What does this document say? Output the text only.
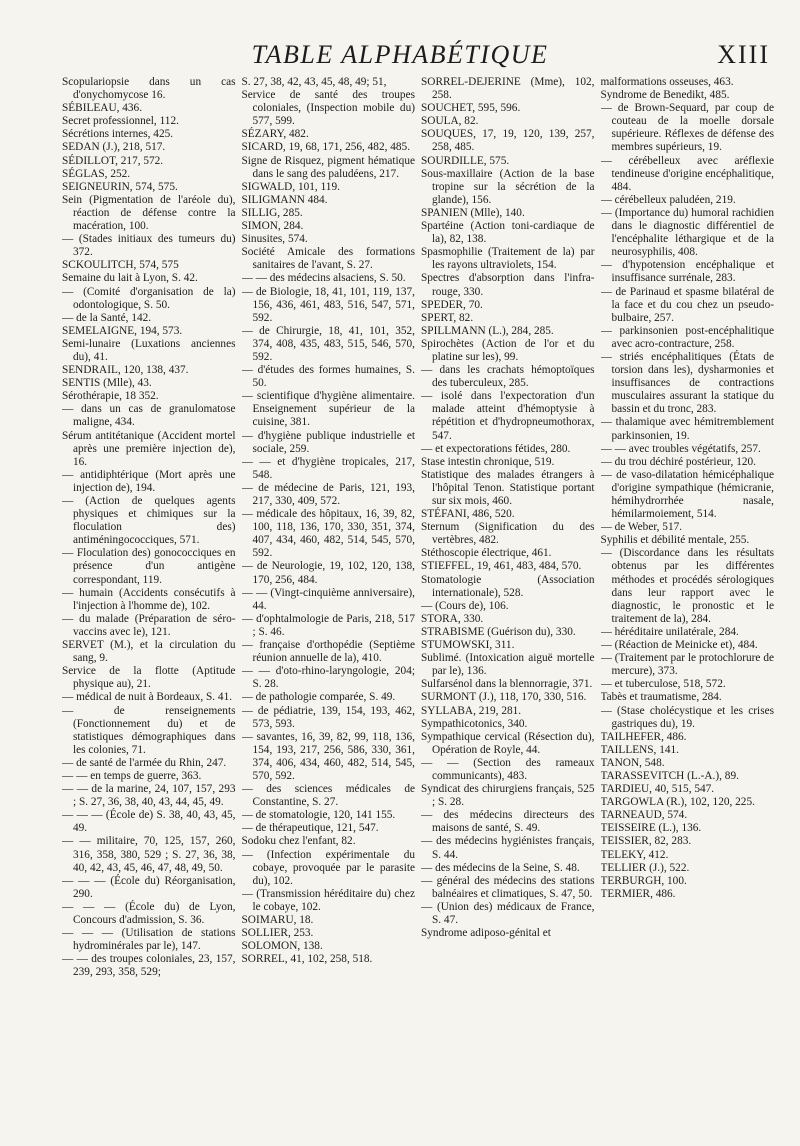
TABLE ALPHABÉTIQUE	XIII

Scopulariopsie dans un cas d'onychomycose 16.

SÉBILEAU, 436.

Secret professionnel, 112.

Sécrétions internes, 425.

SEDAN (J.), 218, 517.

SÉDILLOT, 217, 572.

SÉGLAS, 252.

SEIGNEURIN, 574, 575.

Sein (Pigmentation de l'aréole du), réaction de défense contre la macération, 100.

— (Stades initiaux des tumeurs du) 372.

SCKOULITCH, 574, 575

Semaine du lait à Lyon, S. 42.

— (Comité d'organisation de la) odontologique, S. 50.

— de la Santé, 142.

SEMELAIGNE, 194, 573.

Semi-lunaire (Luxations anciennes du), 41.

SENDRAIL, 120, 138, 437.

SENTIS (Mlle), 43.

Sérothérapie, 18 352.

— dans un cas de granulomatose maligne, 434.

Sérum antitétanique (Accident mortel après une première injection de), 16.

— antidiphtérique (Mort après une injection de), 194.

— (Action de quelques agents physiques et chimiques sur la floculation des) antiméningococciques, 571.

— Floculation des) gonococciques en présence d'un antigène correspondant, 119.

— humain (Accidents consécutifs à l'injection à l'homme de), 102.

— du malade (Préparation de séro-vaccins avec le), 121.

SERVET (M.), et la circulation du sang, 9.

Service de la flotte (Aptitude physique au), 21.

— médical de nuit à Bordeaux, S. 41.

— de renseignements (Fonctionnement du) et de statistiques démographiques dans les colonies, 71.

— de santé de l'armée du Rhin, 247.

— — en temps de guerre, 363.

— — de la marine, 24, 107, 157, 293 ; S. 27, 36, 38, 40, 43, 44, 45, 49.

— — — (École de) S. 38, 40, 43, 45, 49.

— — militaire, 70, 125, 157, 260, 316, 358, 380, 529 ; S. 27, 36, 38, 40, 42, 43, 45, 46, 47, 48, 49, 50.

— — — (École du) Réorganisation, 290.

— — — (École du) de Lyon, Concours d'admission, S. 36.

— — — (Utilisation de stations hydrominérales par le), 147.

— — des troupes coloniales, 23, 157, 239, 293, 358, 529;

S. 27, 38, 42, 43, 45, 48, 49; 51,

Service de santé des troupes coloniales, (Inspection mobile du) 577, 599.

SÉZARY, 482.

SICARD, 19, 68, 171, 256, 482, 485.

Signe de Risquez, pigment hématique dans le sang des paludéens, 217.

SIGWALD, 101, 119.

SILIGMANN 484.

SILLIG, 285.

SIMON, 284.

Sinusites, 574.

Société Amicale des formations sanitaires de l'avant, S. 27.

— — des médecins alsaciens, S. 50.

— de Biologie, 18, 41, 101, 119, 137, 156, 436, 461, 483, 516, 547, 571, 592.

— de Chirurgie, 18, 41, 101, 352, 374, 408, 435, 483, 515, 546, 570, 592.

— d'études des formes humaines, S. 50.

— scientifique d'hygiène alimentaire. Enseignement supérieur de la cuisine, 381.

— d'hygiène publique industrielle et sociale, 259.

— — et d'hygiène tropicales, 217, 548.

— de médecine de Paris, 121, 193, 217, 330, 409, 572.

— médicale des hôpitaux, 16, 39, 82, 100, 118, 136, 170, 330, 351, 374, 407, 434, 460, 482, 514, 545, 570, 592.

— de Neurologie, 19, 102, 120, 138, 170, 256, 484.

— — (Vingt-cinquième anniversaire), 44.

— d'ophtalmologie de Paris, 218, 517 ; S. 46.

— française d'orthopédie (Septième réunion annuelle de la), 410.

— — d'oto-rhino-laryngologie, 204; S. 28.

— de pathologie comparée, S. 49.

— de pédiatrie, 139, 154, 193, 462, 573, 593.

— savantes, 16, 39, 82, 99, 118, 136, 154, 193, 217, 256, 586, 330, 361, 374, 406, 434, 460, 482, 514, 545, 570, 592.

— des sciences médicales de Constantine, S. 27.

— de stomatologie, 120, 141 155.

— de thérapeutique, 121, 547.

Sodoku chez l'enfant, 82.

— (Infection expérimentale du cobaye, provoquée par le parasite du), 102.

— (Transmission héréditaire du) chez le cobaye, 102.

SOIMARU, 18.

SOLLIER, 253.

SOLOMON, 138.

SORREL, 41, 102, 258, 518.

SORREL-DEJERINE (Mme), 102, 258.

SOUCHET, 595, 596.

SOULA, 82.

SOUQUES, 17, 19, 120, 139, 257, 258, 485.

SOURDILLE, 575.

Sous-maxillaire (Action de la base tropine sur la sécrétion de la glande), 156.

SPANIEN (Mlle), 140.

Spartéine (Action toni-cardiaque de la), 82, 138.

Spasmophilie (Traitement de la) par les rayons ultraviolets, 154.

Spectres d'absorption dans l'infra-rouge, 330.

SPEDER, 70.

SPERT, 82.

SPILLMANN (L.), 284, 285.

Spirochètes (Action de l'or et du platine sur les), 99.

— dans les crachats hémoptoïques des tuberculeux, 285.

— isolé dans l'expectoration d'un malade atteint d'hémoptysie à répétition et d'hydropneumothorax, 547.

— et expectorations fétides, 280.

Stase intestin chronique, 519.

Statistique des malades étrangers à l'hôpital Tenon. Statistique portant sur six mois, 460.

STÉFANI, 486, 520.

Sternum (Signification du des vertèbres, 482.

Stéthoscopie électrique, 461.

STIEFFEL, 19, 461, 483, 484, 570.

Stomatologie (Association internationale), 528.

— (Cours de), 106.

STORA, 330.

STRABISME (Guérison du), 330.

STUMOWSKI, 311.

Sublimé. (Intoxication aiguë mortelle par le), 136.

Sulfarsénol dans la blennorragie, 371.

SURMONT (J.), 118, 170, 330, 516.

SYLLABA, 219, 281.

Sympathicotonics, 340.

Sympathique cervical (Résection du), Opération de Royle, 44.

— — (Section des rameaux communicants), 483.

Syndicat des chirurgiens français, 525 ; S. 28.

— des médecins directeurs des maisons de santé, S. 49.

— des médecins hygiénistes français, S. 44.

— des médecins de la Seine, S. 48.

— général des médecins des stations balnéaires et climatiques, S. 47, 50.

— (Union des) médicaux de France, S. 47.

Syndrome adiposo-génital et

malformations osseuses, 463.

Syndrome de Benedikt, 485.

— de Brown-Sequard, par coup de couteau de la moelle dorsale supérieure. Réflexes de défense des membres supérieurs, 19.

— cérébelleux avec aréflexie tendineuse d'origine encéphalitique, 484.

— cérébelleux paludéen, 219.

— (Importance du) humoral rachidien dans le diagnostic différentiel de l'encéphalite léthargique et de la neurosyphilis, 408.

— d'hypotension encéphalique et insuffisance surrénale, 283.

— de Parinaud et spasme bilatéral de la face et du cou chez un pseudo-bulbaire, 257.

— parkinsonien post-encéphalitique avec acro-contracture, 258.

— striés encéphalitiques (États de torsion dans les), dysharmonies et insuffisances de contractions musculaires assurant la statique du bassin et du tronc, 283.

— thalamique avec hémitremblement parkinsonien, 19.

— — avec troubles végétatifs, 257.

— du trou déchiré postérieur, 120.

— de vaso-dilatation hémicéphalique d'origine sympathique (hémicranie, hémihydrorrhée nasale, hémilarmoiement, 514.

— de Weber, 517.

Syphilis et débilité mentale, 255.

— (Discordance dans les résultats obtenus par les différentes méthodes et procédés sérologiques dans leur rapport avec le diagnostic, le pronostic et le traitement de la), 284.

— héréditaire unilatérale, 284.

— (Réaction de Meinicke et), 484.

— (Traitement par le protochlorure de mercure), 373.

— et tuberculose, 518, 572.

Tabès et traumatisme, 284.

— (Stase cholécystique et les crises gastriques du), 19.

TAILHEFER, 486.

TAILLENS, 141.

TANON, 548.

TARASSEVITCH (L.-A.), 89.

TARDIEU, 40, 515, 547.

TARGOWLA (R.), 102, 120, 225.

TARNEAUD, 574.

TEISSEIRE (L.), 136.

TEISSIER, 82, 283.

TELEKY, 412.

TELLIER (J.), 522.

TERBURGH, 100.

TERMIER, 486.
